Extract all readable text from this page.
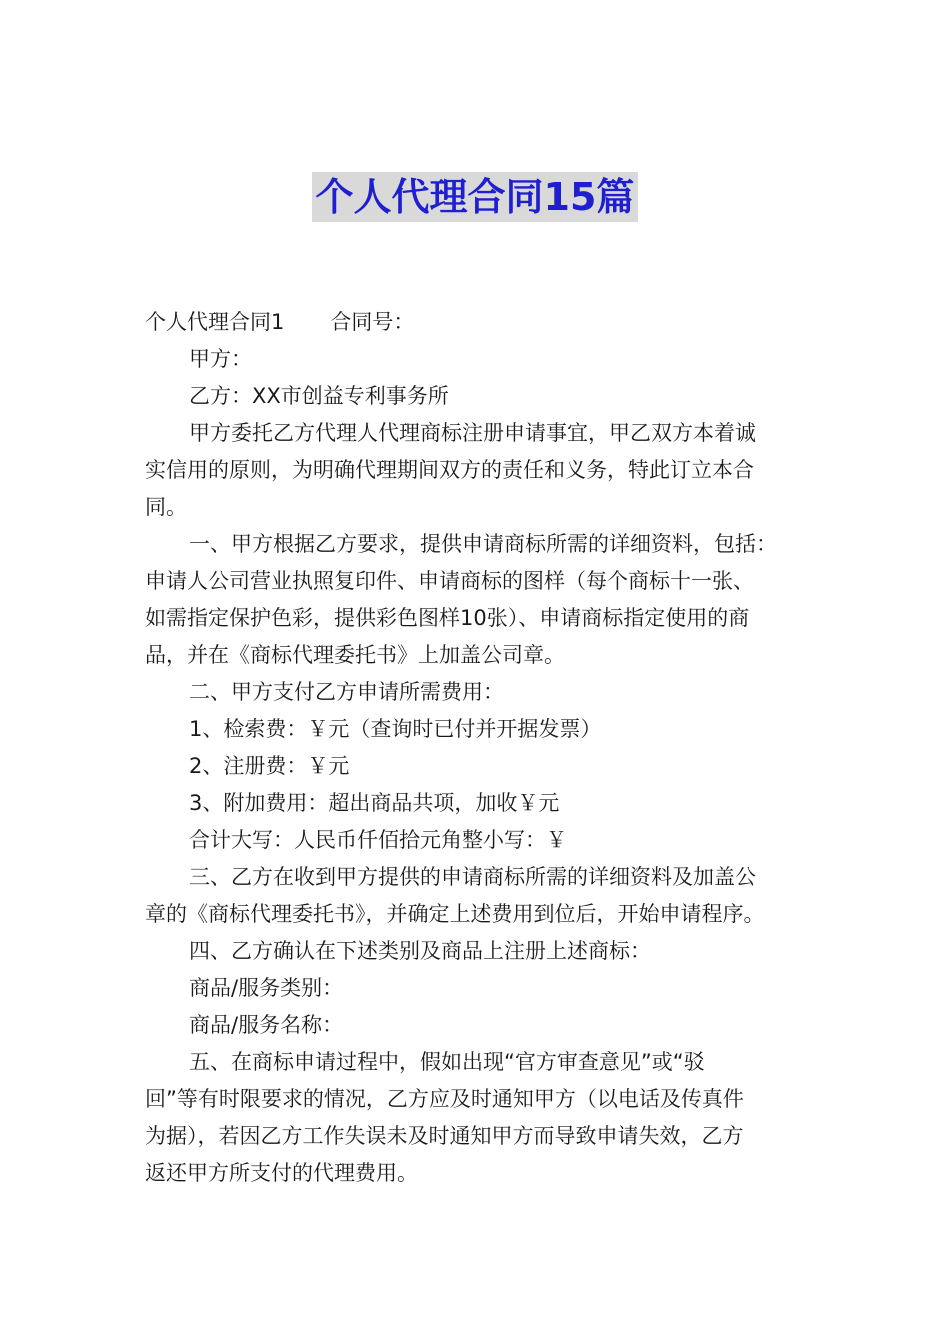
个人代理合同15篇
个人代理合同1 合同号：
甲方：
乙方：XX市创益专利事务所
甲方委托乙方代理人代理商标注册申请事宜，甲乙双方本着诚
实信用的原则，为明确代理期间双方的责任和义务，特此订立本合
同。
一、甲方根据乙方要求，提供申请商标所需的详细资料，包括：
申请人公司营业执照复印件、申请商标的图样（每个商标十一张、
如需指定保护色彩，提供彩色图样10张）、申请商标指定使用的商
品，并在《商标代理委托书》上加盖公司章。
二、甲方支付乙方申请所需费用：
1、检索费：￥元（查询时已付并开据发票）
2、注册费：￥元
3、附加费用：超出商品共项，加收￥元
合计大写：人民币仟佰拾元角整小写：￥
三、乙方在收到甲方提供的申请商标所需的详细资料及加盖公
章的《商标代理委托书》，并确定上述费用到位后，开始申请程序。
四、乙方确认在下述类别及商品上注册上述商标：
商品/服务类别：
商品/服务名称：
五、在商标申请过程中，假如出现“官方审查意见”或“驳
回”等有时限要求的情况，乙方应及时通知甲方（以电话及传真件
为据），若因乙方工作失误未及时通知甲方而导致申请失效，乙方
返还甲方所支付的代理费用。
